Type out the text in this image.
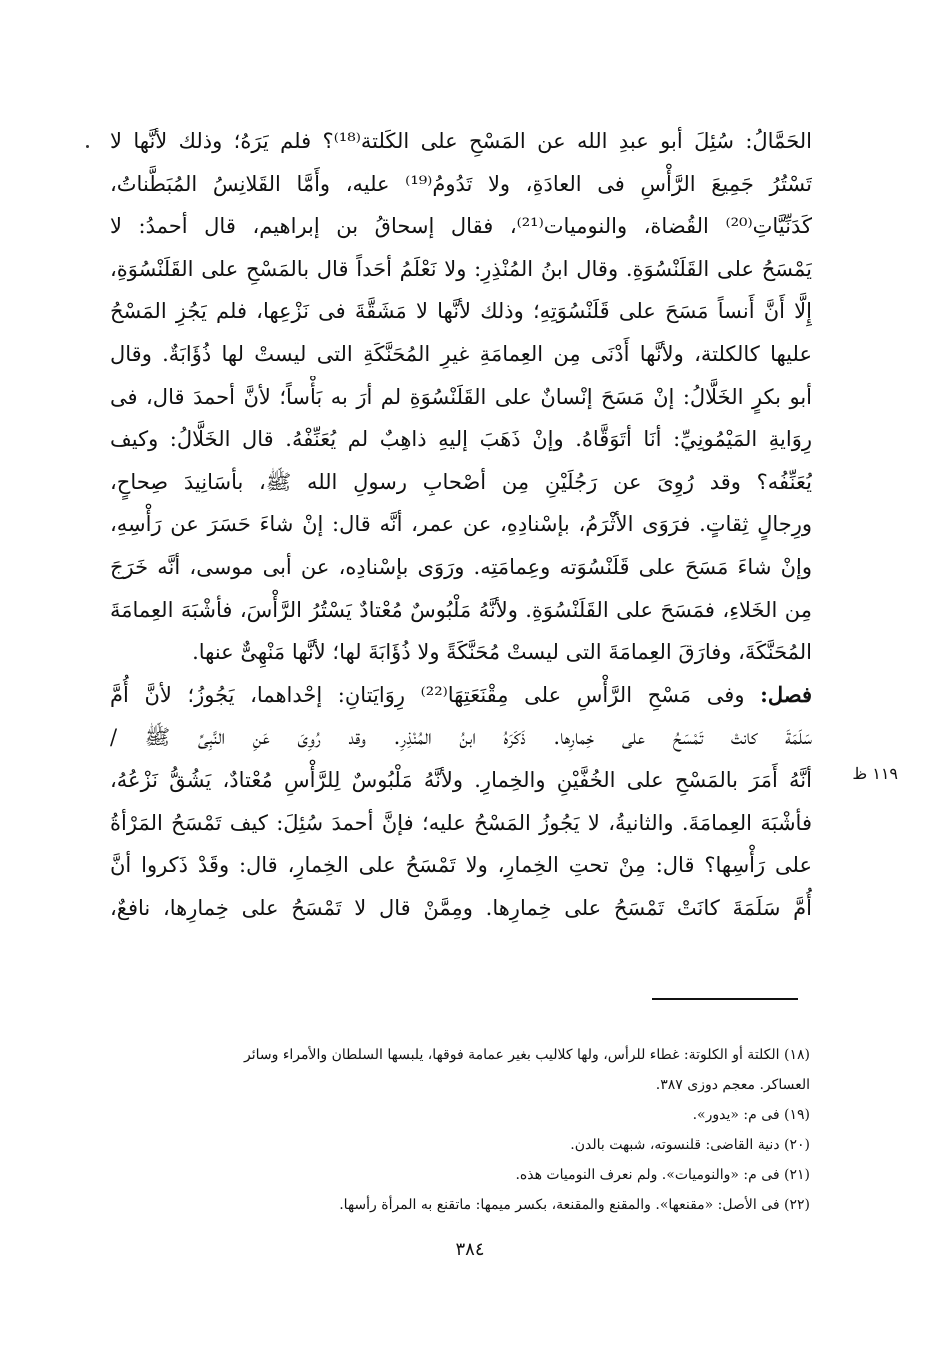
الحَمَّالُ: سُئِلَ أبو عبدِ الله عن المَسْحِ على الكَلتة⁽¹⁸⁾؟ فلم يَرَهُ؛ وذلك لأنَّها لا
تَسْتُرُ جَمِيعَ الرَّأْسِ فى العادَةِ، ولا تَدُومُ⁽¹⁹⁾ عليه، وأَمَّا القَلانِسُ المُبَطَّناتُ،
كَدَنِّيَّاتِ⁽²⁰⁾ القُضاة، والنوميات⁽²¹⁾، فقال إسحاقُ بن إبراهيم، قال أحمدُ: لا
يَمْسَحُ على القَلَنْسُوَةِ. وقال ابنُ المُنْذِرِ: ولا نَعْلَمُ أحَداً قال بالمَسْحِ على القَلَنْسُوَةِ،
إِلَّا أَنَّ أَنساً مَسَحَ على قَلَنْسُوَتِهِ؛ وذلك لأنَّها لا مَشَقَّةَ فى نَزْعِها، فلم يَجُزِ المَسْحُ
عليها كالكلتة، ولأنَّها أَدْنَى مِن العِمامَةِ غيرِ المُحَنَّكَةِ التى ليستْ لها ذُؤَابَةٌ. وقال
أبو بكرٍ الخَلَّالُ: إنْ مَسَحَ إنْسانٌ على القَلَنْسُوَةِ لم أرَ به بَأْساً؛ لأنَّ أحمدَ قال، فى
رِوَايةِ المَيْمُونِيِّ: أنَا أتَوَقَّاهُ. وإنْ ذَهَبَ إليهِ ذاهِبٌ لم يُعَنِّفْهُ. قال الخَلَّالُ: وكيف
يُعَنِّفُه؟ وقد رُوِىَ عن رَجُلَيْنِ مِن أصْحابِ رسولِ الله ﷺ، بأسَانِيدَ صِحاحٍ،
ورِجالٍ ثِقاتٍ. فرَوَى الأثْرَمُ، بإسْنادِهِ، عن عمر، أنَّه قال: إنْ شاءَ حَسَرَ عن رَأْسِهِ،
وإنْ شاءَ مَسَحَ على قَلَنْسُوَته وعِمامَتِه. ورَوَى بإسْنادِه، عن أبى موسى، أنَّه خَرَجَ
مِن الخَلاءِ، فمَسَحَ على القَلَنْسُوَةِ. ولأنَّهُ مَلْبُوسٌ مُعْتادٌ يَسْتُرُ الرَّأْسَ، فأشْبَهَ العِمامَةَ
المُحَنَّكَةَ، وفارَقَ العِمامَةَ التى ليستْ مُحَنَّكَةً ولا ذُؤَابَةَ لها؛ لأنَّها مَنْهِىٌّ عنها.
فصل: وفى مَسْحِ الرَّأْسِ على مِقْنَعَتِهَا⁽²²⁾ رِوَايَتانِ: إحْداهما، يَجُوزُ؛ لأنَّ أُمَّ
سَلَمَةَ كانتْ تَمْسَحُ على خِمارِها. ذَكَرَهُ ابنُ المُنْذِرِ. وقد رُوِىَ عَنِ النَّبِىِّ ﷺ /
أنَّهُ أَمَرَ بالمَسْحِ على الخُفَّيْنِ والخِمارِ. ولأنَّهُ مَلْبُوسٌ لِلرَّأْسِ مُعْتادٌ، يَشُقُّ نَزْعُهُ،
فأشْبَهَ العِمامَةَ. والثانيةُ، لا يَجُوزُ المَسْحُ عليه؛ فإنَّ أحمدَ سُئِلَ: كيف تَمْسَحُ المَرْأةُ
على رَأْسِها؟ قال: مِنْ تحتِ الخِمارِ، ولا تَمْسَحُ على الخِمارِ، قال: وقَدْ ذَكروا أنَّ
أُمَّ سَلَمَةَ كانَتْ تَمْسَحُ على خِمارِها. ومِمَّنْ قال لا تَمْسَحُ على خِمارِها، نافعٌ،
١١٩ ظ
(١٨) الكلتة أو الكلوتة: غطاء للرأس، ولها كلاليب بغير عمامة فوقها، يلبسها السلطان والأمراء وسائر
العساكر. معجم دوزى ٣٨٧.
(١٩) فى م: «يدور».
(٢٠) دنية القاضى: قلنسوته، شبهت بالدن.
(٢١) فى م: «والنوميات». ولم نعرف النوميات هذه.
(٢٢) فى الأصل: «مقنعها». والمقنع والمقنعة، بكسر ميمها: ماتقنع به المرأة رأسها.
٣٨٤
